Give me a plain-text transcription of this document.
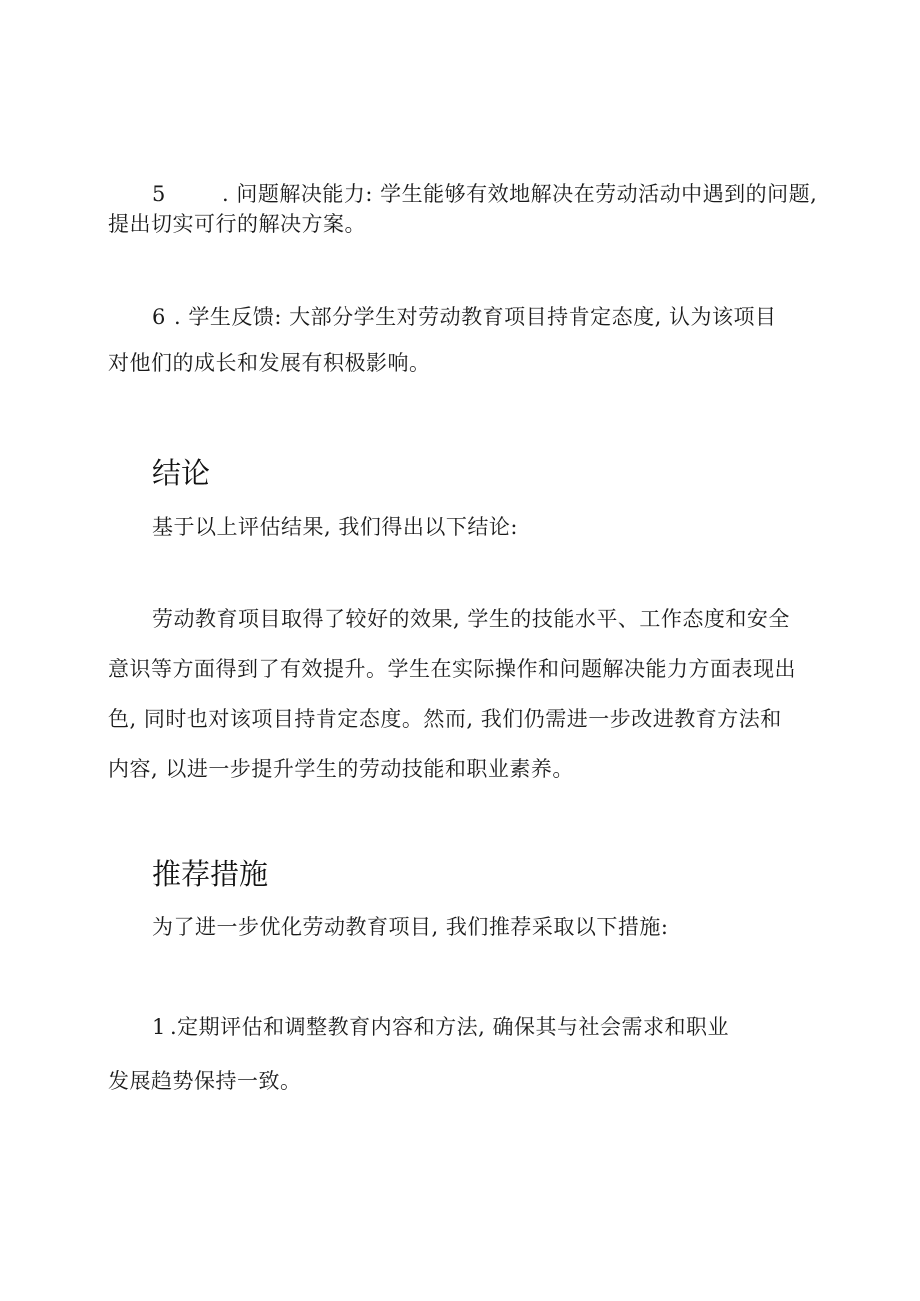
5	. 问题解决能力: 学生能够有效地解决在劳动活动中遇到的问题,
提出切实可行的解决方案。
6 . 学生反馈: 大部分学生对劳动教育项目持肯定态度, 认为该项目
对他们的成长和发展有积极影响。
结论
基于以上评估结果, 我们得出以下结论:
劳动教育项目取得了较好的效果, 学生的技能水平、工作态度和安全
意识等方面得到了有效提升。学生在实际操作和问题解决能力方面表现出
色, 同时也对该项目持肯定态度。然而, 我们仍需进一步改进教育方法和
内容, 以进一步提升学生的劳动技能和职业素养。
推荐措施
为了进一步优化劳动教育项目, 我们推荐采取以下措施:
1 .定期评估和调整教育内容和方法, 确保其与社会需求和职业
发展趋势保持一致。
